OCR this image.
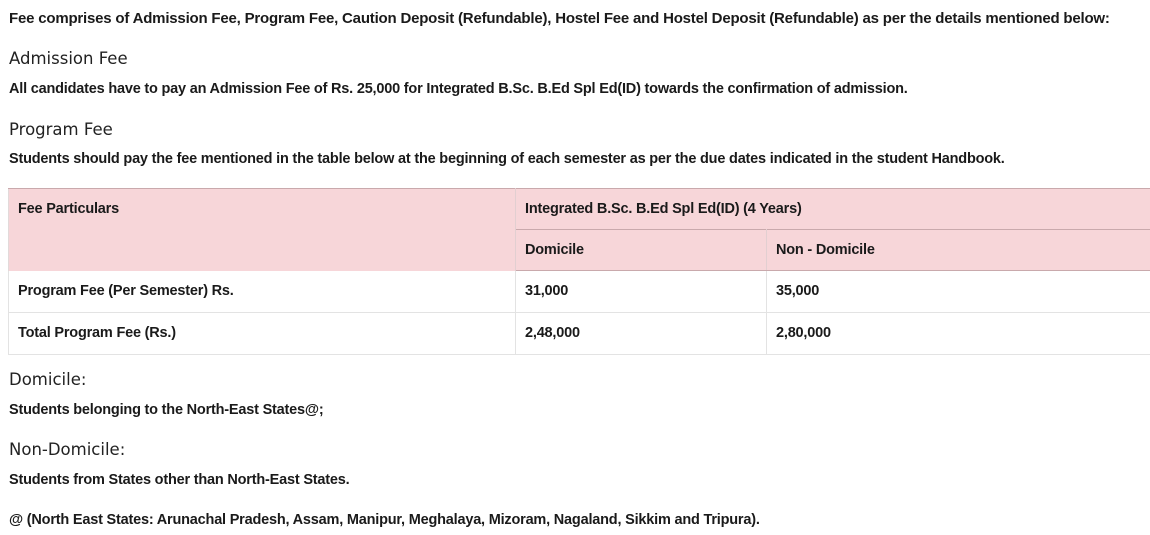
Fee comprises of Admission Fee, Program Fee, Caution Deposit (Refundable), Hostel Fee and Hostel Deposit (Refundable) as per the details mentioned below:

Admission Fee

All candidates have to pay an Admission Fee of Rs. 25,000 for Integrated B.Sc. B.Ed Spl Ed(ID) towards the confirmation of admission.

Program Fee

Students should pay the fee mentioned in the table below at the beginning of each semester as per the due dates indicated in the student Handbook.

Fee Particulars	Integrated B.Sc. B.Ed Spl Ed(ID) (4 Years)	
	Domicile	Non - Domicile
Program Fee (Per Semester) Rs.	31,000	35,000
Total Program Fee (Rs.)	2,48,000	2,80,000
Domicile:

Students belonging to the North-East States@;

Non-Domicile:

Students from States other than North-East States.

@ (North East States: Arunachal Pradesh, Assam, Manipur, Meghalaya, Mizoram, Nagaland, Sikkim and Tripura).
